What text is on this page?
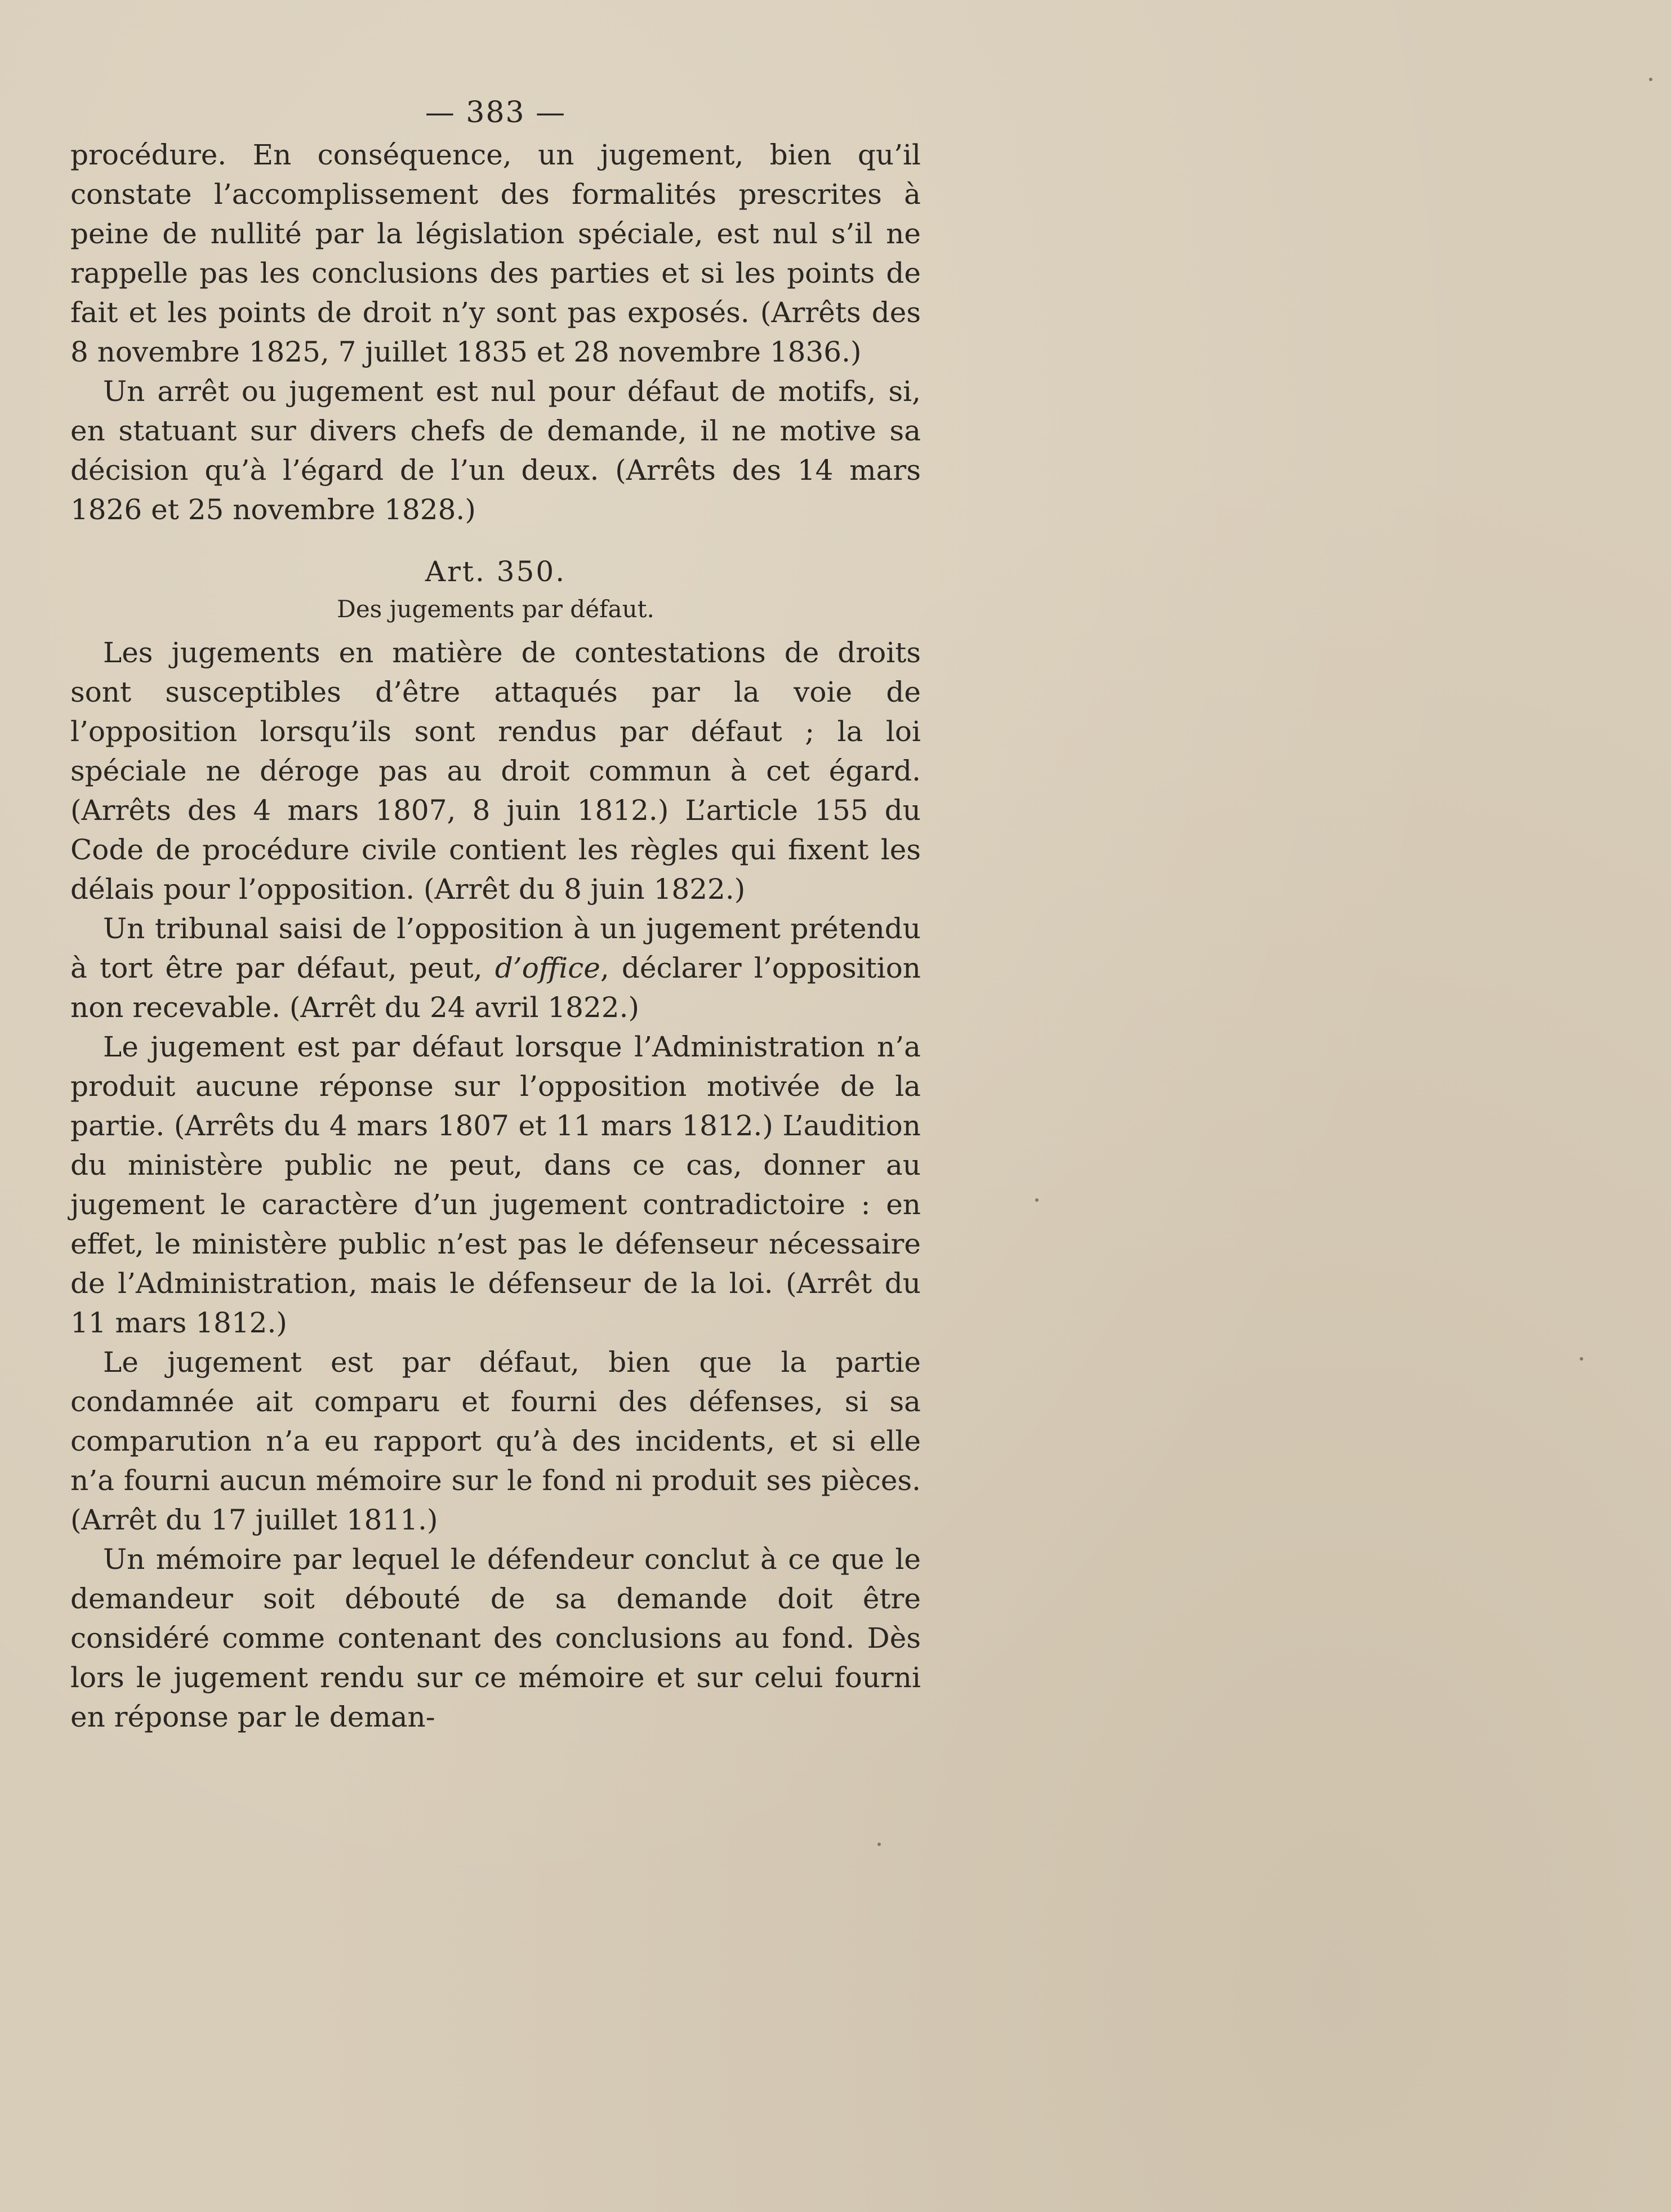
— 383 —

procédure. En conséquence, un jugement, bien qu’il constate l’accomplissement des formalités prescrites à peine de nullité par la législation spéciale, est nul s’il ne rappelle pas les conclusions des parties et si les points de fait et les points de droit n’y sont pas exposés. (Arrêts des 8 novembre 1825, 7 juillet 1835 et 28 novembre 1836.)

Un arrêt ou jugement est nul pour défaut de motifs, si, en statuant sur divers chefs de demande, il ne motive sa décision qu’à l’égard de l’un deux. (Arrêts des 14 mars 1826 et 25 novembre 1828.)

Art. 350.
Des jugements par défaut.

Les jugements en matière de contestations de droits sont susceptibles d’être attaqués par la voie de l’opposition lorsqu’ils sont rendus par défaut ; la loi spéciale ne déroge pas au droit commun à cet égard. (Arrêts des 4 mars 1807, 8 juin 1812.) L’article 155 du Code de procédure civile contient les règles qui fixent les délais pour l’opposition. (Arrêt du 8 juin 1822.)

Un tribunal saisi de l’opposition à un jugement prétendu à tort être par défaut, peut, d’office, déclarer l’opposition non recevable. (Arrêt du 24 avril 1822.)

Le jugement est par défaut lorsque l’Administration n’a produit aucune réponse sur l’opposition motivée de la partie. (Arrêts du 4 mars 1807 et 11 mars 1812.) L’audition du ministère public ne peut, dans ce cas, donner au jugement le caractère d’un jugement contradictoire : en effet, le ministère public n’est pas le défenseur nécessaire de l’Administration, mais le défenseur de la loi. (Arrêt du 11 mars 1812.)

Le jugement est par défaut, bien que la partie condamnée ait comparu et fourni des défenses, si sa comparution n’a eu rapport qu’à des incidents, et si elle n’a fourni aucun mémoire sur le fond ni produit ses pièces. (Arrêt du 17 juillet 1811.)

Un mémoire par lequel le défendeur conclut à ce que le demandeur soit débouté de sa demande doit être considéré comme contenant des conclusions au fond. Dès lors le jugement rendu sur ce mémoire et sur celui fourni en réponse par le deman-
